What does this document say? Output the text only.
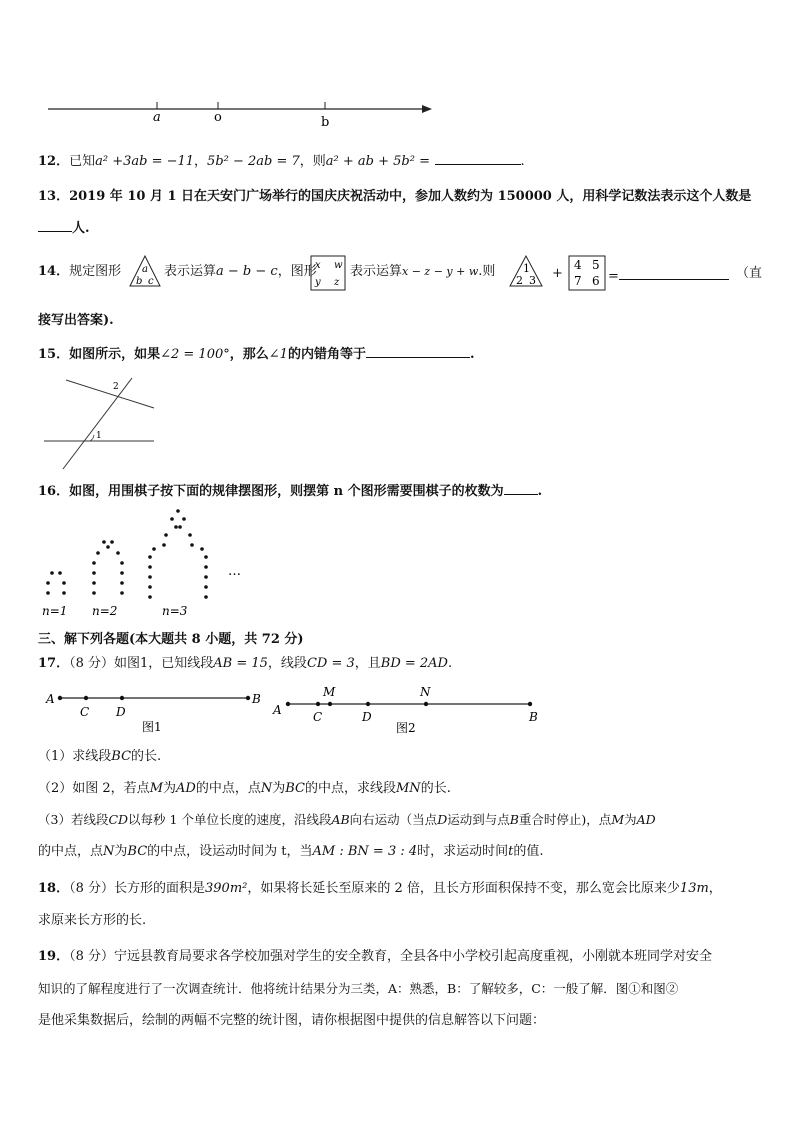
a	o	b
12．已知a² +3ab = −11，5b² − 2ab = 7，则a² + ab + 5b² =	.
13．2019 年 10 月 1 日在天安门广场举行的国庆庆祝活动中，参加人数约为 150000 人，用科学记数法表示这个人数是
人.
14．规定图形 a
b c
表示运算a − b − c，图形
x w
y z
表示运算x − z − y + w.则	1
2 3 +
4 5
7 6 =	（直
接写出答案).
15．如图所示，如果∠2 = 100°，那么∠1的内错角等于	.
1
2
16．如图，用围棋子按下面的规律摆图形，则摆第 n 个图形需要围棋子的枚数为	.
n=1 n=2	n=3
…
三、解下列各题(本大题共 8 小题，共 72 分)
17．（8 分）如图1，已知线段AB = 15，线段CD = 3，且BD = 2AD.
A
C D
B
图1
A
M
C	D
N
B
图2
（1）求线段BC的长.
（2）如图 2，若点M为AD的中点，点N为BC的中点，求线段MN的长.
（3）若线段CD以每秒 1 个单位长度的速度，沿线段AB向右运动（当点D运动到与点B重合时停止)，点M为AD
的中点，点N为BC的中点，设运动时间为 t，当AM : BN = 3 : 4时，求运动时间t的值.
18．（8 分）长方形的面积是390m²，如果将长延长至原来的 2 倍，且长方形面积保持不变，那么宽会比原来少13m，
求原来长方形的长.
19．（8 分）宁远县教育局要求各学校加强对学生的安全教育，全县各中小学校引起高度重视，小刚就本班同学对安全
知识的了解程度进行了一次调查统计．他将统计结果分为三类，A：熟悉，B：了解较多，C：一般了解．图①和图②
是他采集数据后，绘制的两幅不完整的统计图，请你根据图中提供的信息解答以下问题：
